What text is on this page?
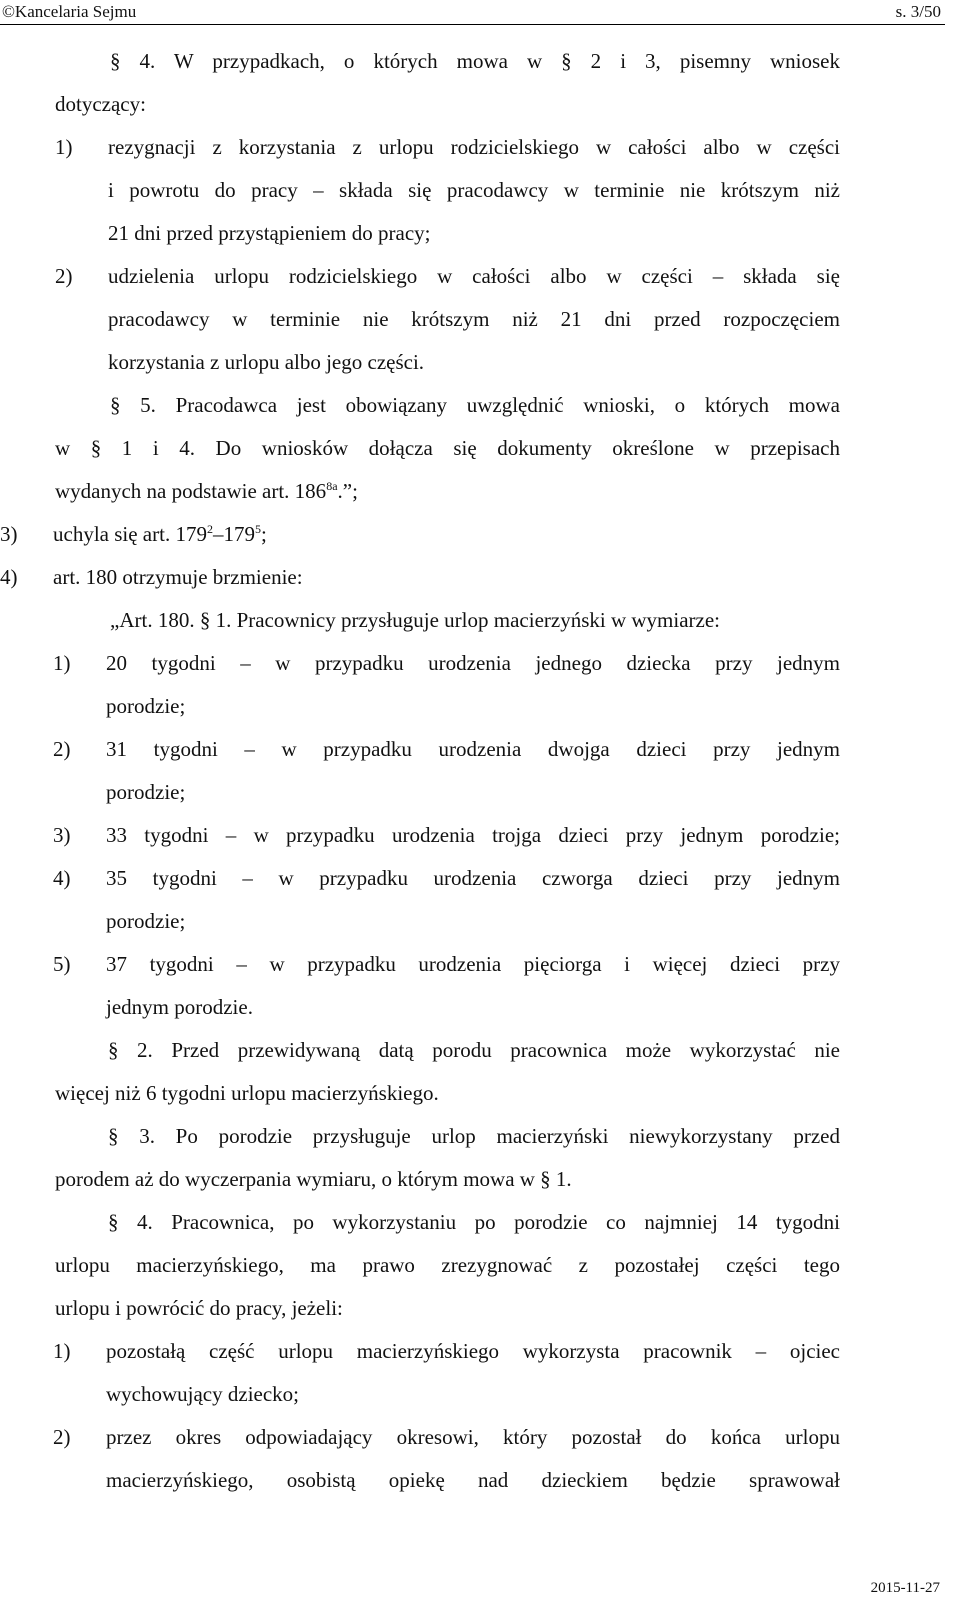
©Kancelaria Sejmu	s. 3/50
§ 4. W przypadkach, o których mowa w § 2 i 3, pisemny wniosek
dotyczący:
1)	rezygnacji z korzystania z urlopu rodzicielskiego w całości albo w części
i powrotu do pracy – składa się pracodawcy w terminie nie krótszym niż
21 dni przed przystąpieniem do pracy;
2)	udzielenia urlopu rodzicielskiego w całości albo w części – składa się
pracodawcy w terminie nie krótszym niż 21 dni przed rozpoczęciem
korzystania z urlopu albo jego części.
§ 5. Pracodawca jest obowiązany uwzględnić wnioski, o których mowa
w § 1 i 4. Do wniosków dołącza się dokumenty określone w przepisach
wydanych na podstawie art. $186^{8a}$.”;
3)	uchyla się art. $179^2-179^5$;
4)	art. 180 otrzymuje brzmienie:
„Art. 180. § 1. Pracownicy przysługuje urlop macierzyński w wymiarze:
1)	20 tygodni – w przypadku urodzenia jednego dziecka przy jednym
porodzie;
2)	31 tygodni – w przypadku urodzenia dwojga dzieci przy jednym
porodzie;
3)	33 tygodni – w przypadku urodzenia trojga dzieci przy jednym porodzie;
4)	35 tygodni – w przypadku urodzenia czworga dzieci przy jednym
porodzie;
5)	37 tygodni – w przypadku urodzenia pięciorga i więcej dzieci przy
jednym porodzie.
§ 2. Przed przewidywaną datą porodu pracownica może wykorzystać nie
więcej niż 6 tygodni urlopu macierzyńskiego.
§ 3. Po porodzie przysługuje urlop macierzyński niewykorzystany przed
porodem aż do wyczerpania wymiaru, o którym mowa w § 1.
§ 4. Pracownica, po wykorzystaniu po porodzie co najmniej 14 tygodni
urlopu macierzyńskiego, ma prawo zrezygnować z pozostałej części tego
urlopu i powrócić do pracy, jeżeli:
1)	pozostałą część urlopu macierzyńskiego wykorzysta pracownik – ojciec
wychowujący dziecko;
2)	przez okres odpowiadający okresowi, który pozostał do końca urlopu
macierzyńskiego, osobistą opiekę nad dzieckiem będzie sprawował
2015-11-27
